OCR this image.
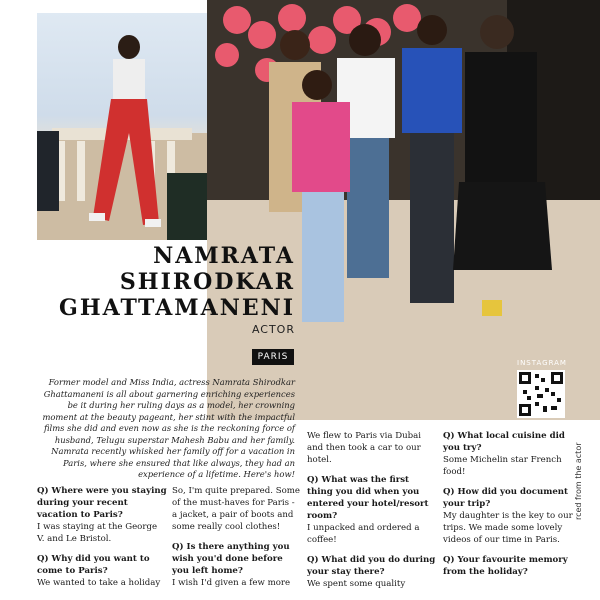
NAMRATA
SHIRODKAR
GHATTAMANENI
ACTOR
PARIS
Former model and Miss India, actress Namrata Shirodkar Ghattamaneni is all about garnering enriching experiences be it during her ruling days as a model, her crowning moment at the beauty pageant, her stint with the impactful films she did and even now as she is the reckoning force of husband, Telugu superstar Mahesh Babu and her family. Namrata recently whisked her family off for a vacation in Paris, where she ensured that like always, they had an experience of a lifetime. Here's how!

Q) Where were you staying during your recent vacation to Paris?

I was staying at the George V. and Le Bristol.

Q) Why did you want to come to Paris?

We wanted to take a holiday

So, I'm quite prepared. Some of the must-haves for Paris - a jacket, a pair of boots and some really cool clothes!

Q) Is there anything you wish you'd done before you left home?

I wish I'd given a few more

We flew to Paris via Dubai and then took a car to our hotel.

Q) What was the first thing you did when you entered your hotel/resort room?

I unpacked and ordered a coffee!

Q) What did you do during your stay there?

We spent some quality

Q) What local cuisine did you try?

Some Michelin star French food!

Q) How did you document your trip?

My daughter is the key to our trips. We made some lovely videos of our time in Paris.

Q) Your favourite memory from the holiday?

INSTAGRAM
rced from the actor
